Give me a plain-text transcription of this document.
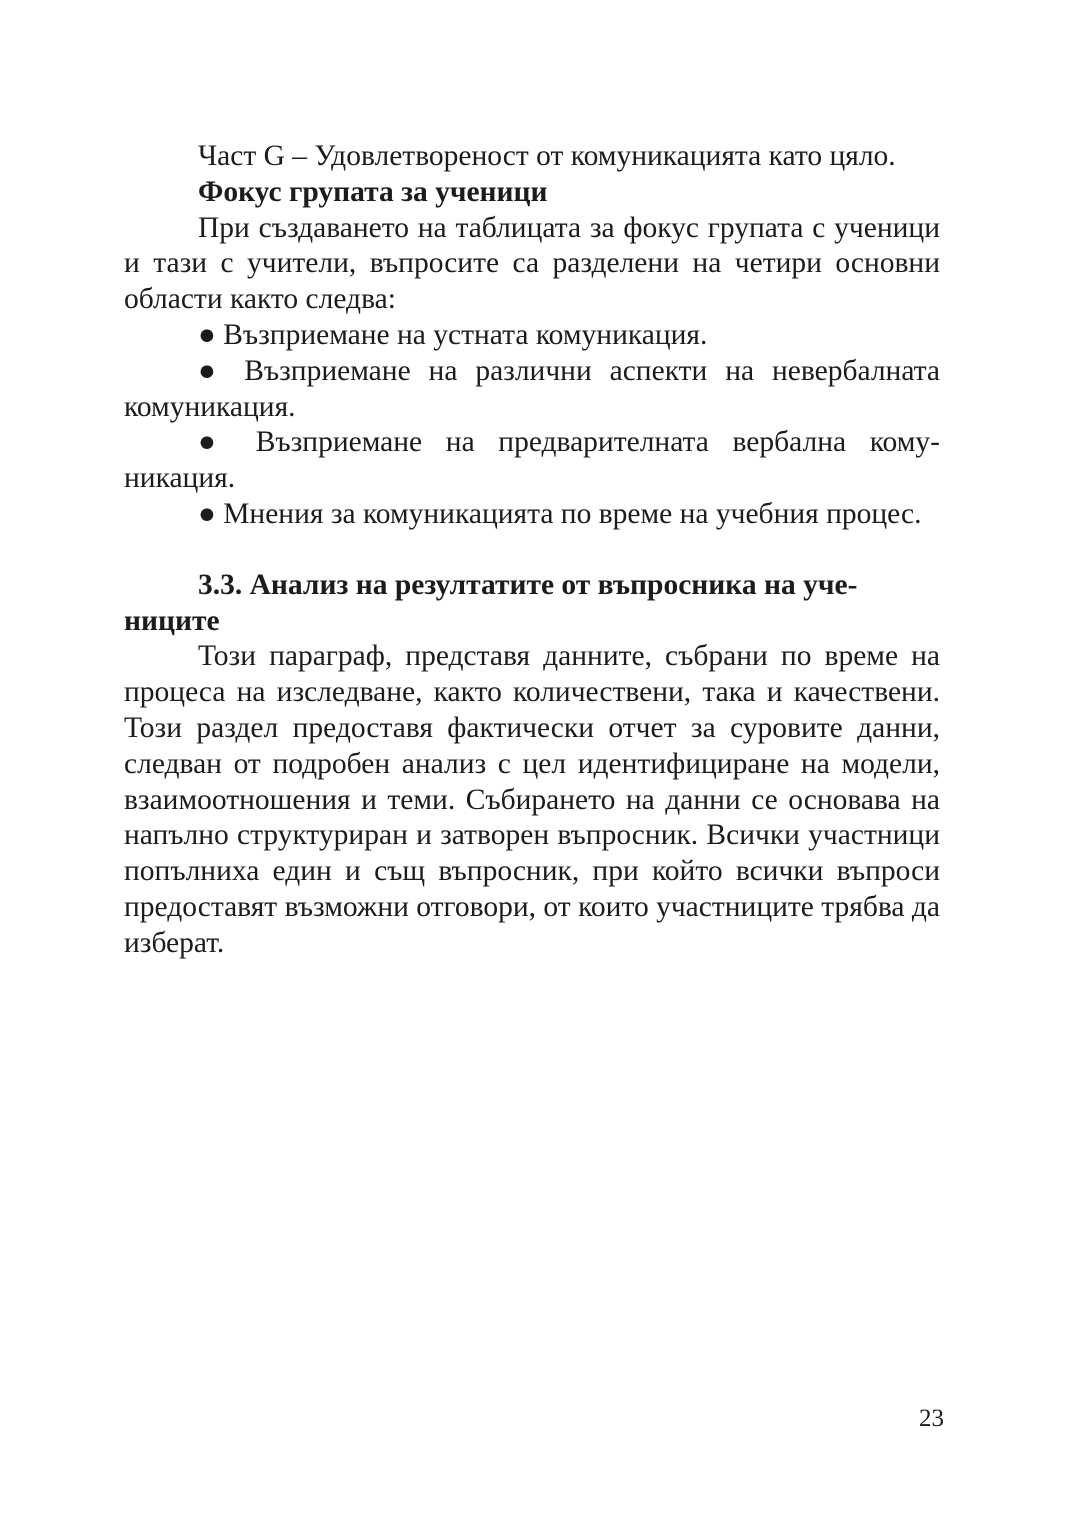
Част G – Удовлетвореност от комуникацията като цяло.

Фокус групата за ученици

При създаването на таблицата за фокус групата с ученици и тази с учители, въпросите са разделени на четири основни области както следва:

● Възприемане на устната комуникация.

● Възприемане на различни аспекти на невербалната комуникация.

● Възприемане на предварителната вербална комуникация.

● Мнения за комуникацията по време на учебния процес.

3.3. Анализ на резултатите от въпросника на учениците

Този параграф, представя данните, събрани по време на процеса на изследване, както количествени, така и качествени. Този раздел предоставя фактически отчет за суровите данни, следван от подробен анализ с цел идентифициране на модели, взаимоотношения и теми. Събирането на данни се основава на напълно структуриран и затворен въпросник. Всички участници попълниха един и същ въпросник, при който всички въпроси предоставят възможни отговори, от които участниците трябва да изберат.

23
